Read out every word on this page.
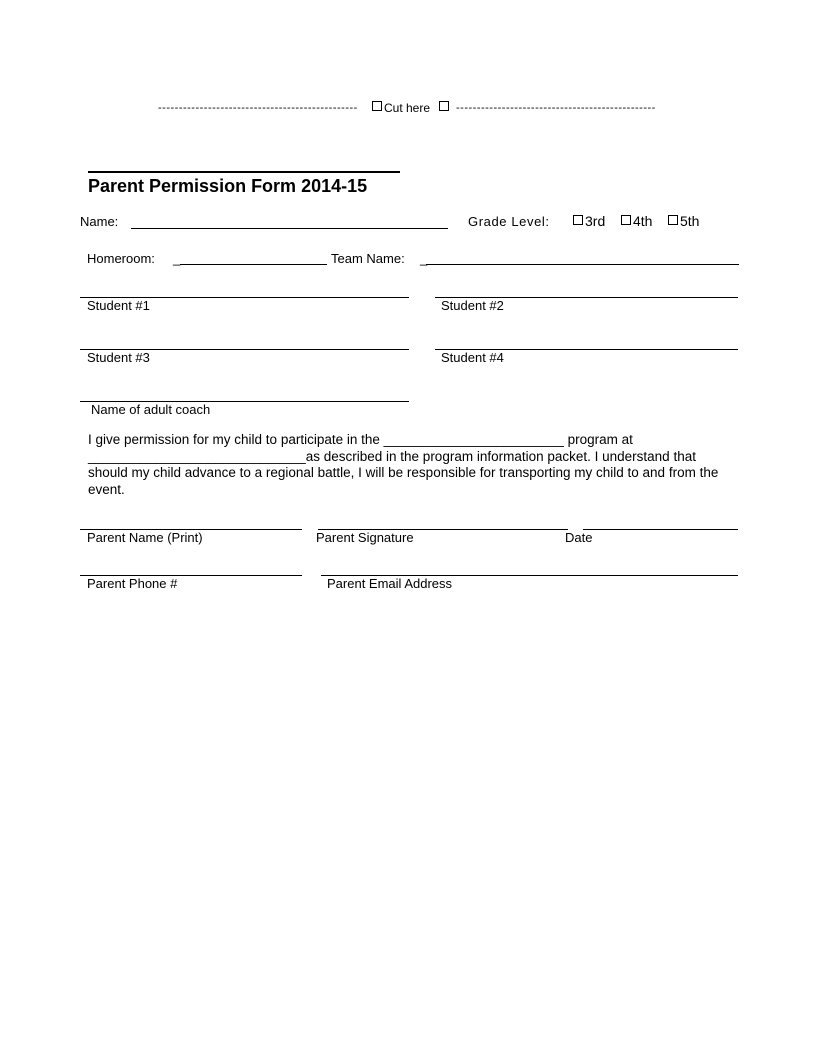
------------------------------------------------	Cut here	------------------------------------------------
Parent Permission Form 2014-15
Name:	Grade Level:	3rd	4th	5th
Homeroom: _	Team Name: _
Student #1	Student #2
Student #3	Student #4
Name of adult coach
I give permission for my child to participate in the ________________________ program at
_____________________________as described in the program information packet. I understand that should my child advance to a regional battle, I will be responsible for transporting my child to and from the event.
Parent Name (Print)	Parent Signature	Date
Parent Phone #	Parent Email Address
